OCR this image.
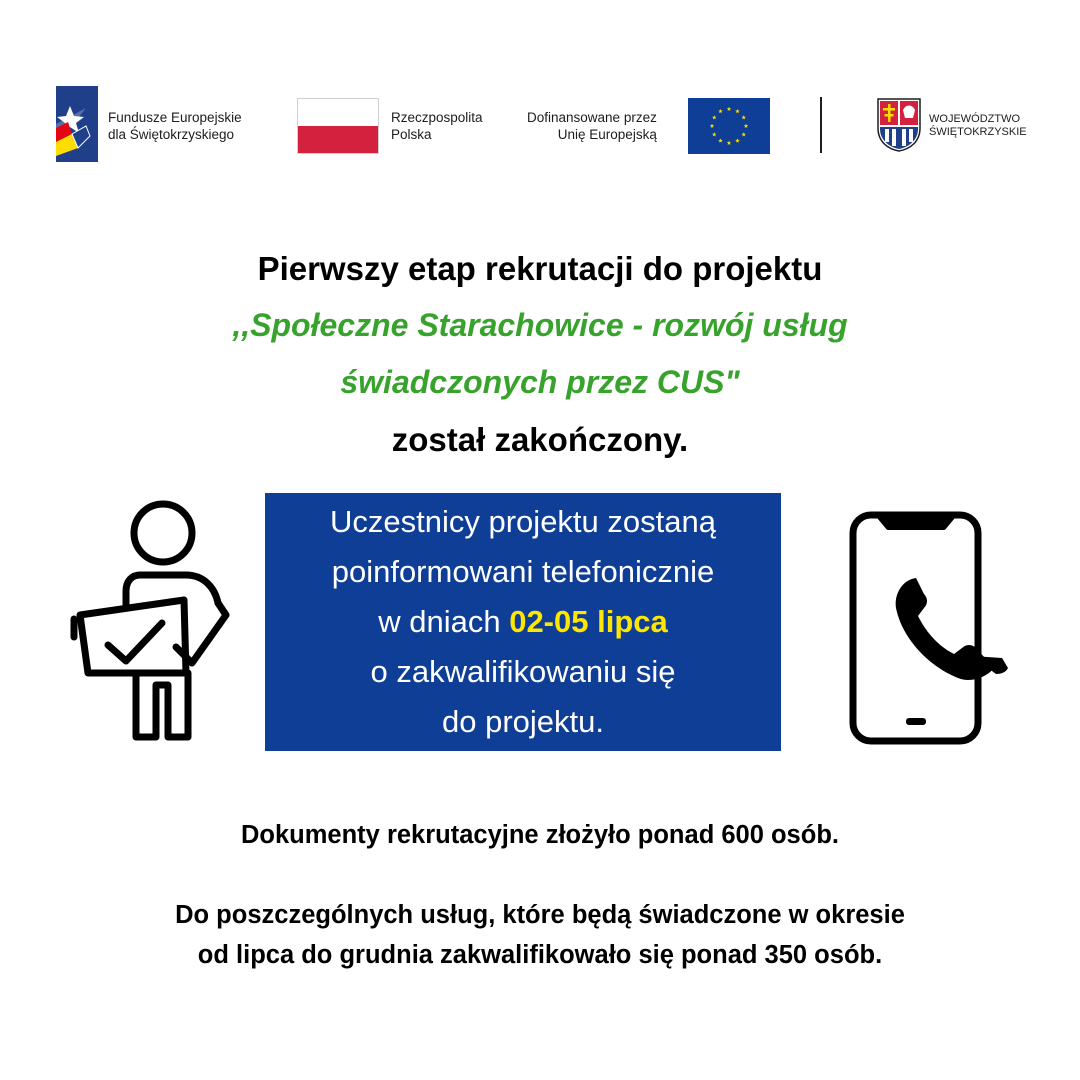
Fundusze Europejskie
dla Świętokrzyskiego
Rzeczpospolita
Polska
Dofinansowane przez
Unię Europejską
WOJEWÓDZTWO
ŚWIĘTOKRZYSKIE
Pierwszy etap rekrutacji do projektu
,,Społeczne Starachowice - rozwój usług
świadczonych przez CUS"
został zakończony.
Uczestnicy projektu zostaną
poinformowani telefonicznie
w dniach 02-05 lipca
o zakwalifikowaniu się
do projektu.
Dokumenty rekrutacyjne złożyło ponad 600 osób.
Do poszczególnych usług, które będą świadczone w okresie
od lipca do grudnia zakwalifikowało się ponad 350 osób.
